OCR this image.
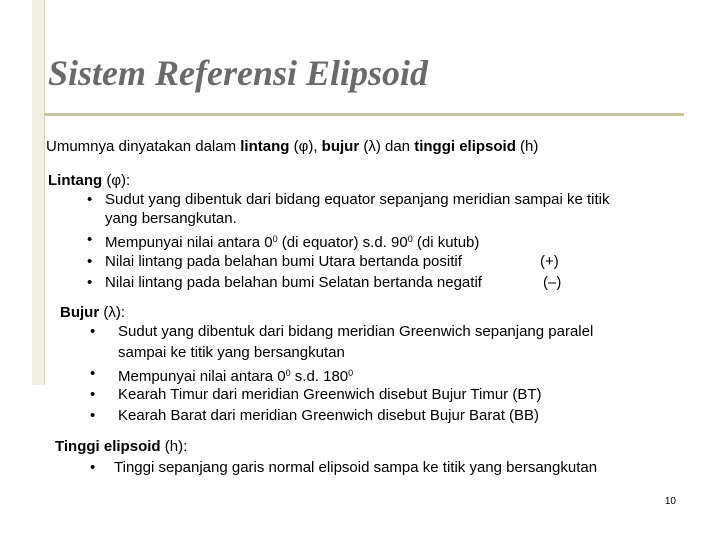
Sistem Referensi Elipsoid
Umumnya dinyatakan dalam lintang (φ), bujur (λ) dan tinggi elipsoid (h)
Lintang (φ):
• Sudut yang dibentuk dari bidang equator sepanjang meridian sampai ke titik
yang bersangkutan.
• Mempunyai nilai antara $0^0$ (di equator) s.d. $90^0$ (di kutub)
• Nilai lintang pada belahan bumi Utara bertanda positif	(+)
• Nilai lintang pada belahan bumi Selatan bertanda negatif	(–)
Bujur (λ):
• Sudut yang dibentuk dari bidang meridian Greenwich sepanjang paralel
sampai ke titik yang bersangkutan
• Mempunyai nilai antara $0^0$ s.d. $180^0$
• Kearah Timur dari meridian Greenwich disebut Bujur Timur (BT)
• Kearah Barat dari meridian Greenwich disebut Bujur Barat (BB)
Tinggi elipsoid (h):
• Tinggi sepanjang garis normal elipsoid sampa ke titik yang bersangkutan
10
